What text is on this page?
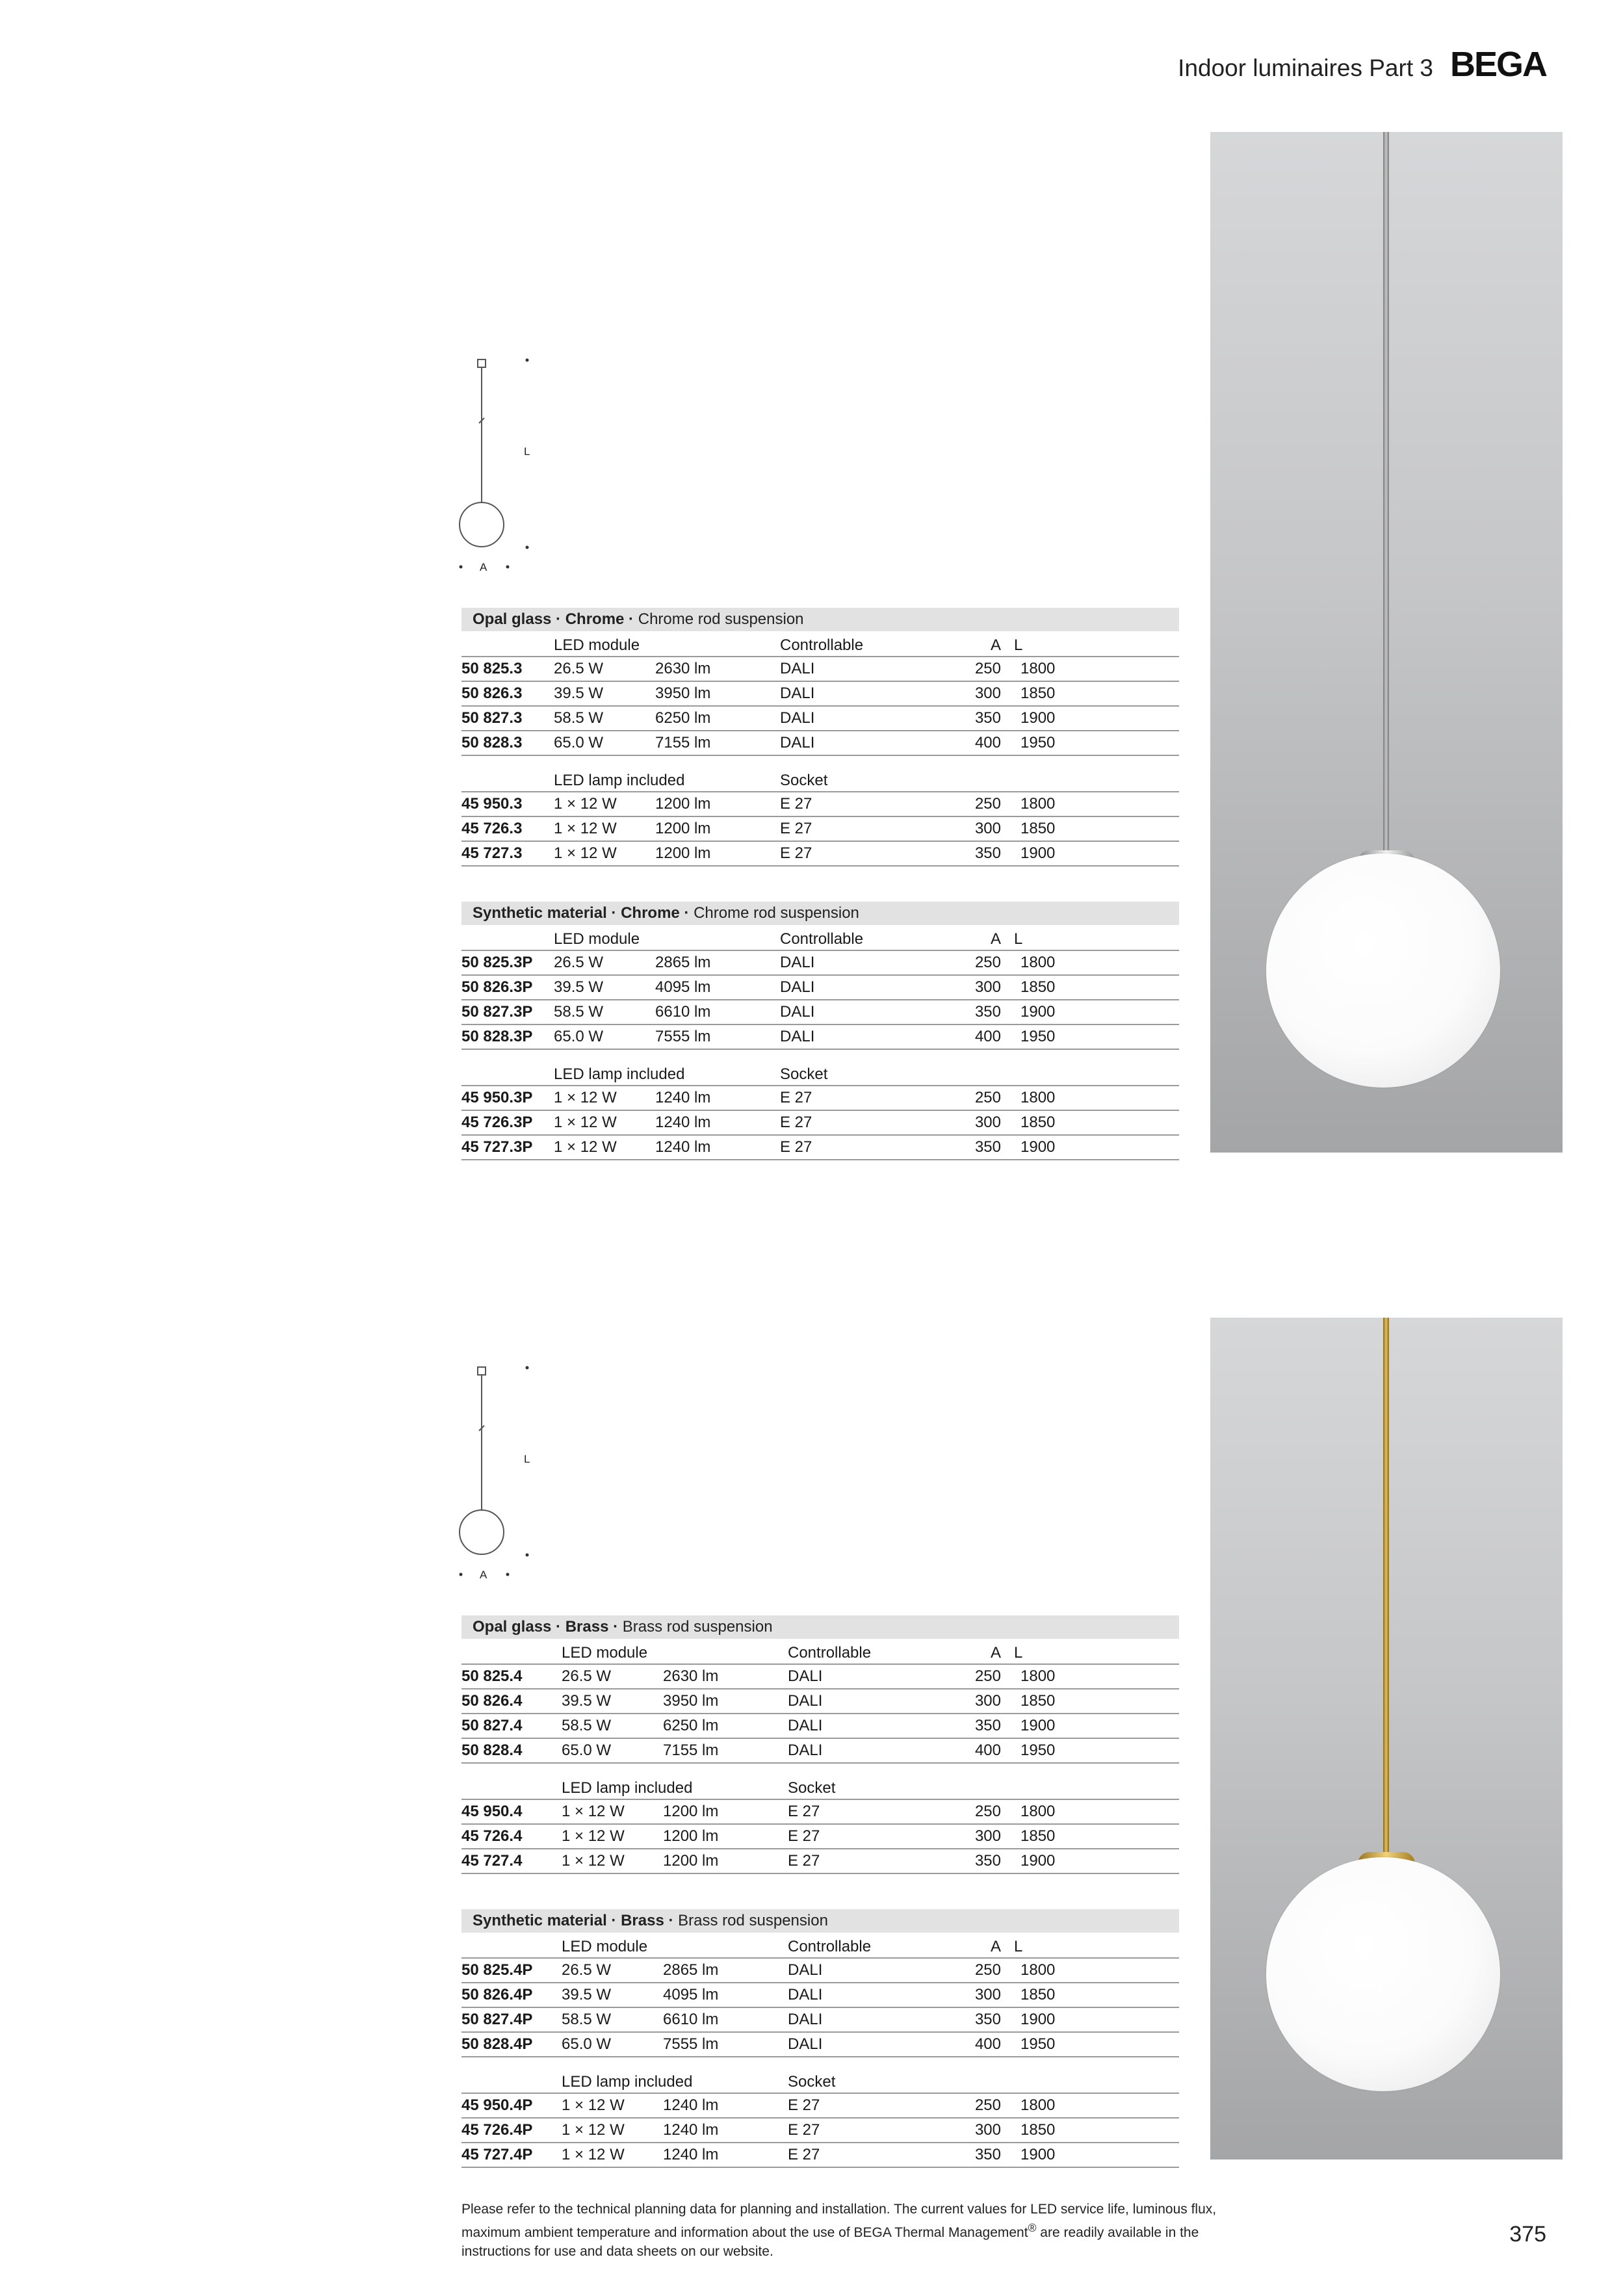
Indoor luminaires Part 3 BEGA
L
A
L
A
Opal glass · Chrome · Chrome rod suspension
LED module	Controllable	A L
50 825.3 26.5 W	2630 lm	DALI	250 1800
50 826.3 39.5 W	3950 lm	DALI	300 1850
50 827.3 58.5 W	6250 lm	DALI	350 1900
50 828.3 65.0 W	7155 lm	DALI	400 1950
LED lamp included	Socket
45 950.3 1 × 12 W 1200 lm	E 27	250 1800
45 726.3 1 × 12 W 1200 lm	E 27	300 1850
45 727.3 1 × 12 W 1200 lm	E 27	350 1900
Synthetic material · Chrome · Chrome rod suspension
LED module	Controllable	A L
50 825.3P 26.5 W	2865 lm	DALI	250 1800
50 826.3P 39.5 W	4095 lm	DALI	300 1850
50 827.3P 58.5 W	6610 lm	DALI	350 1900
50 828.3P 65.0 W	7555 lm	DALI	400 1950
LED lamp included	Socket
45 950.3P 1 × 12 W 1240 lm	E 27	250 1800
45 726.3P 1 × 12 W 1240 lm	E 27	300 1850
45 727.3P 1 × 12 W 1240 lm	E 27	350 1900
Opal glass · Brass · Brass rod suspension
LED module	Controllable	A L
50 825.4	26.5 W	2630 lm	DALI	250 1800
50 826.4	39.5 W	3950 lm	DALI	300 1850
50 827.4	58.5 W	6250 lm	DALI	350 1900
50 828.4	65.0 W	7155 lm	DALI	400 1950
LED lamp included	Socket
45 950.4	1 × 12 W 1200 lm	E 27	250 1800
45 726.4	1 × 12 W 1200 lm	E 27	300 1850
45 727.4	1 × 12 W 1200 lm	E 27	350 1900
Synthetic material · Brass · Brass rod suspension
LED module	Controllable	A L
50 825.4P 26.5 W	2865 lm	DALI	250 1800
50 826.4P 39.5 W	4095 lm	DALI	300 1850
50 827.4P 58.5 W	6610 lm	DALI	350 1900
50 828.4P 65.0 W	7555 lm	DALI	400 1950
LED lamp included	Socket
45 950.4P 1 × 12 W 1240 lm	E 27	250 1800
45 726.4P 1 × 12 W 1240 lm	E 27	300 1850
45 727.4P 1 × 12 W 1240 lm	E 27	350 1900
Please refer to the technical planning data for planning and installation. The current values for LED service life, luminous flux,
maximum ambient temperature and information about the use of BEGA Thermal Management® are readily available in the
instructions for use and data sheets on our website.
375
